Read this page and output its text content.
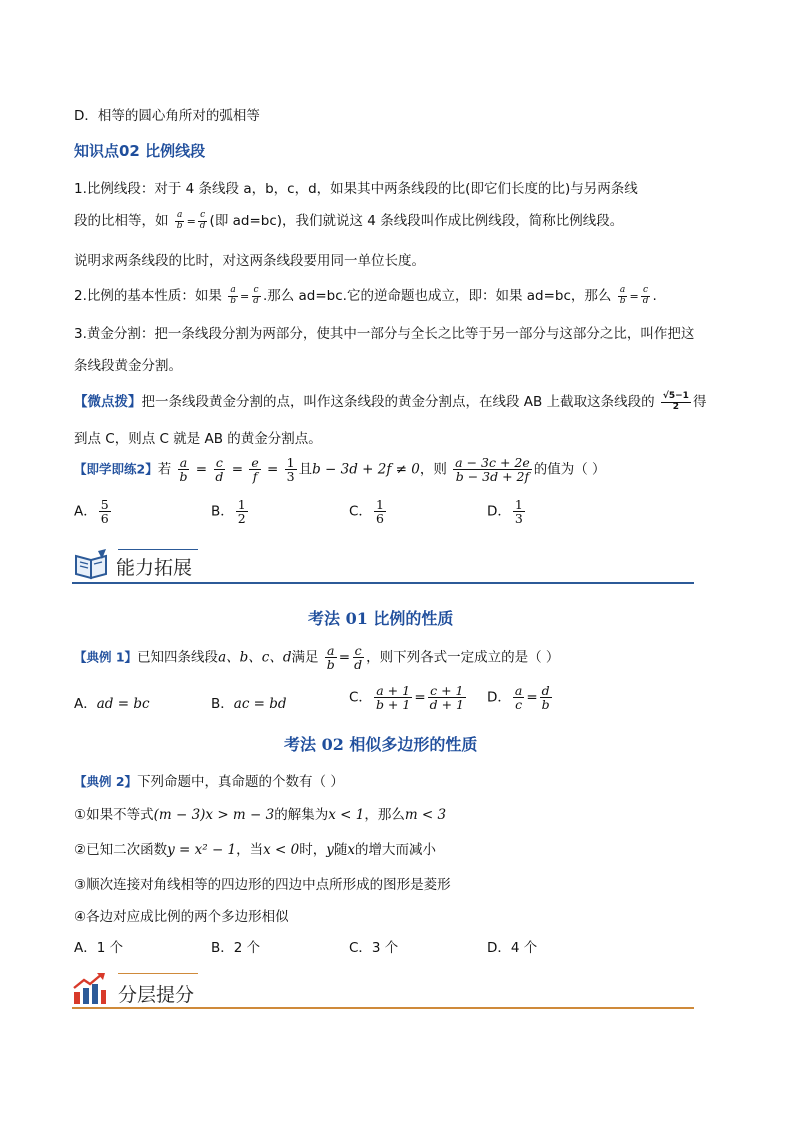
D．相等的圆心角所对的弧相等
知识点02 比例线段
1.比例线段：对于 4 条线段 a，b，c，d，如果其中两条线段的比(即它们长度的比)与另两条线
段的比相等，如 $\frac{a}{b} = \frac{c}{d}$ (即 ad=bc)，我们就说这 4 条线段叫作成比例线段，简称比例线段。
说明求两条线段的比时，对这两条线段要用同一单位长度。
2.比例的基本性质：如果 $\frac{a}{b} = \frac{c}{d}$ .那么 ad=bc.它的逆命题也成立，即：如果 ad=bc，那么 $\frac{a}{b} = \frac{c}{d}$ .
3.黄金分割：把一条线段分割为两部分，使其中一部分与全长之比等于另一部分与这部分之比，叫作把这
条线段黄金分割。
【微点拨】把一条线段黄金分割的点，叫作这条线段的黄金分割点，在线段 AB 上截取这条线段的 $\frac{√5-1}{2}$ 得
到点 C，则点 C 就是 AB 的黄金分割点。
【即学即练2】若 $\frac{a}{b} = \frac{c}{d} = \frac{e}{f} = \frac{1}{3}$ 且b − 3d + 2f ≠ 0，则 $\frac{a - 3c + 2e}{b - 3d + 2f}$ 的值为（ ）
A． $\frac{5}{6}$	B． $\frac{1}{2}$	C． $\frac{1}{6}$	D． $\frac{1}{3}$
能力拓展
考法 01 比例的性质
【典例 1】已知四条线段a、b、c、d满足 $\frac{a}{b} = \frac{c}{d}$ ，则下列各式一定成立的是（ ）
A．ad = bc	B．ac = bd	C． $\frac{a + 1}{b + 1} = \frac{c + 1}{d + 1}$ D． $\frac{a}{c} = \frac{d}{b}$
考法 02 相似多边形的性质
【典例 2】下列命题中，真命题的个数有（ ）
①如果不等式(m − 3)x > m − 3的解集为x < 1，那么m < 3
②已知二次函数y = x² − 1，当x < 0时，y随x的增大而减小
③顺次连接对角线相等的四边形的四边中点所形成的图形是菱形
④各边对应成比例的两个多边形相似
A．1 个	B．2 个	C．3 个	D．4 个
分层提分
